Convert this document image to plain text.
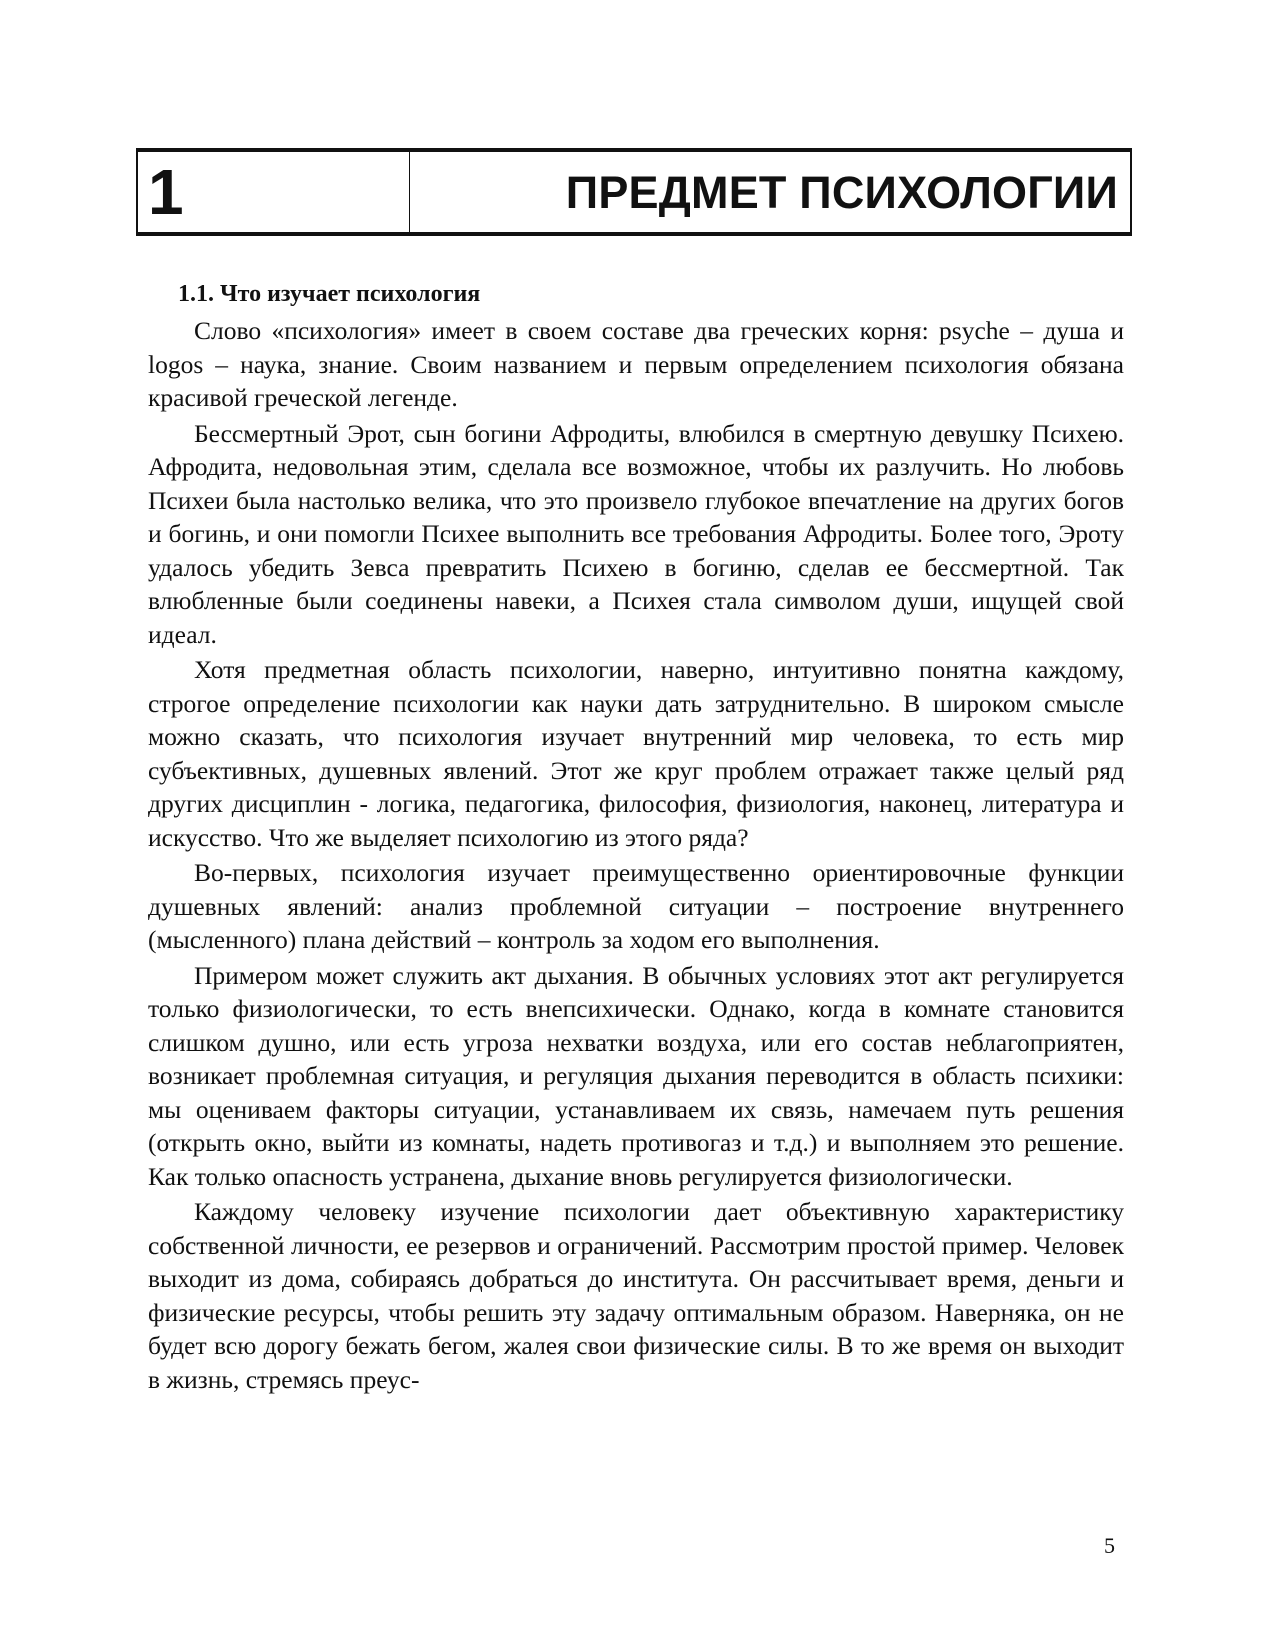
1	ПРЕДМЕТ ПСИХОЛОГИИ
1.1. Что изучает психология

Слово «психология» имеет в своем составе два греческих корня: psyche – душа и logos – наука, знание. Своим названием и первым определением психология обязана красивой греческой легенде.

Бессмертный Эрот, сын богини Афродиты, влюбился в смертную девушку Психею. Афродита, недовольная этим, сделала все возможное, чтобы их разлучить. Но любовь Психеи была настолько велика, что это произвело глубокое впечатление на других богов и богинь, и они помогли Психее выполнить все требования Афродиты. Более того, Эроту удалось убедить Зевса превратить Психею в богиню, сделав ее бессмертной. Так влюбленные были соединены навеки, а Психея стала символом души, ищущей свой идеал.

Хотя предметная область психологии, наверно, интуитивно понятна каждому, строгое определение психологии как науки дать затруднительно. В широком смысле можно сказать, что психология изучает внутренний мир человека, то есть мир субъективных, душевных явлений. Этот же круг проблем отражает также целый ряд других дисциплин - логика, педагогика, философия, физиология, наконец, литература и искусство. Что же выделяет психологию из этого ряда?

Во-первых, психология изучает преимущественно ориентировочные функции душевных явлений: анализ проблемной ситуации – построение внутреннего (мысленного) плана действий – контроль за ходом его выполнения.

Примером может служить акт дыхания. В обычных условиях этот акт регулируется только физиологически, то есть внепсихически. Однако, когда в комнате становится слишком душно, или есть угроза нехватки воздуха, или его состав неблагоприятен, возникает проблемная ситуация, и регуляция дыхания переводится в область психики: мы оцениваем факторы ситуации, устанавливаем их связь, намечаем путь решения (открыть окно, выйти из комнаты, надеть противогаз и т.д.) и выполняем это решение. Как только опасность устранена, дыхание вновь регулируется физиологически.

Каждому человеку изучение психологии дает объективную характеристику собственной личности, ее резервов и ограничений. Рассмотрим простой пример. Человек выходит из дома, собираясь добраться до института. Он рассчитывает время, деньги и физические ресурсы, чтобы решить эту задачу оптимальным образом. Наверняка, он не будет всю дорогу бежать бегом, жалея свои физические силы. В то же время он выходит в жизнь, стремясь преус-

5
